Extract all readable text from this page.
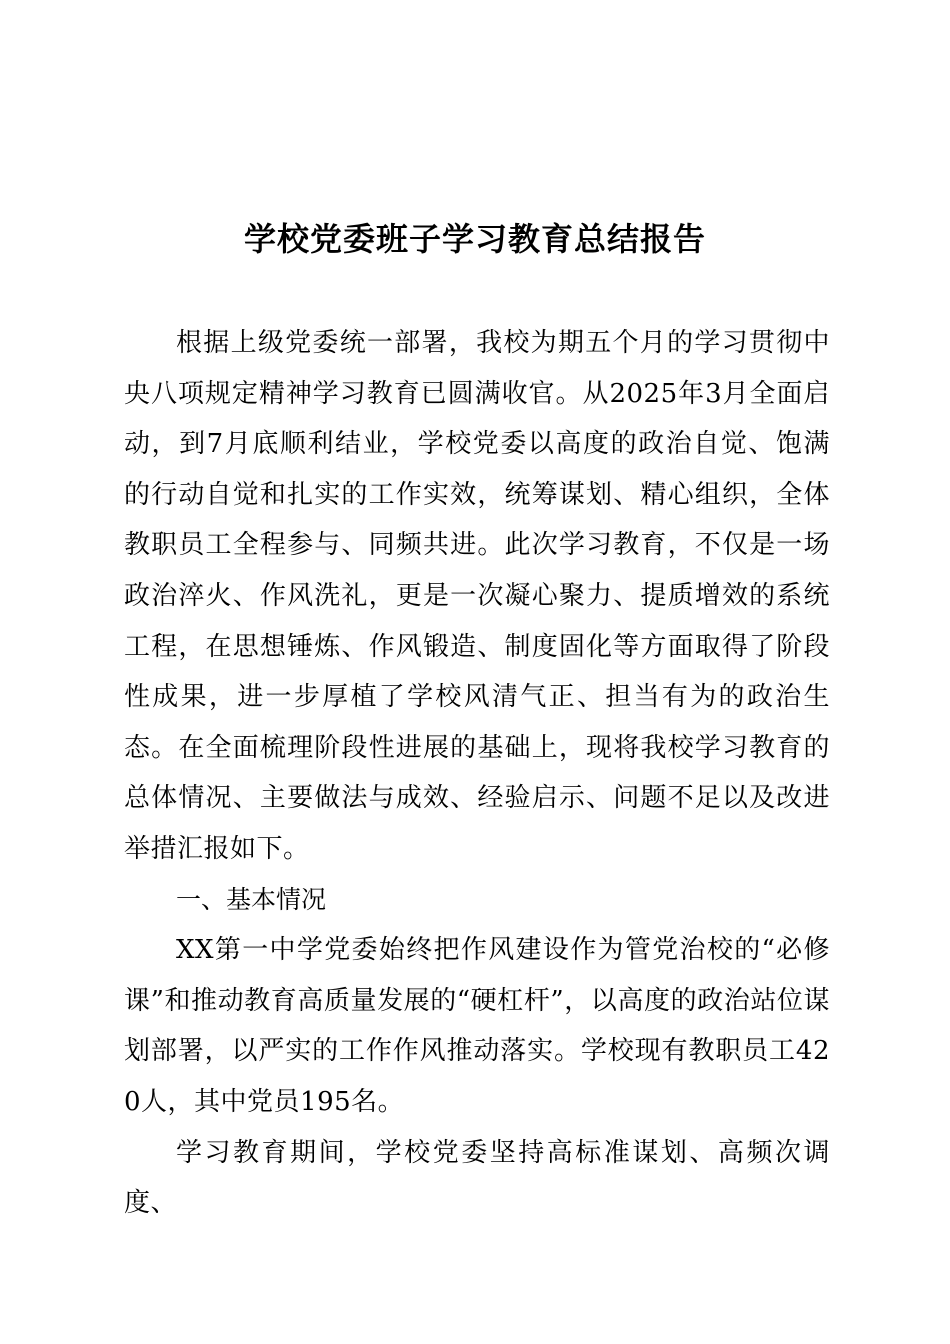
学校党委班子学习教育总结报告

根据上级党委统一部署，我校为期五个月的学习贯彻中央八项规定精神学习教育已圆满收官。从2025年3月全面启动，到7月底顺利结业，学校党委以高度的政治自觉、饱满的行动自觉和扎实的工作实效，统筹谋划、精心组织，全体教职员工全程参与、同频共进。此次学习教育，不仅是一场政治淬火、作风洗礼，更是一次凝心聚力、提质增效的系统工程，在思想锤炼、作风锻造、制度固化等方面取得了阶段性成果，进一步厚植了学校风清气正、担当有为的政治生态。在全面梳理阶段性进展的基础上，现将我校学习教育的总体情况、主要做法与成效、经验启示、问题不足以及改进举措汇报如下。

一、基本情况

XX第一中学党委始终把作风建设作为管党治校的“必修课”和推动教育高质量发展的“硬杠杆”，以高度的政治站位谋划部署，以严实的工作作风推动落实。学校现有教职员工420人，其中党员195名。

学习教育期间，学校党委坚持高标准谋划、高频次调度、
